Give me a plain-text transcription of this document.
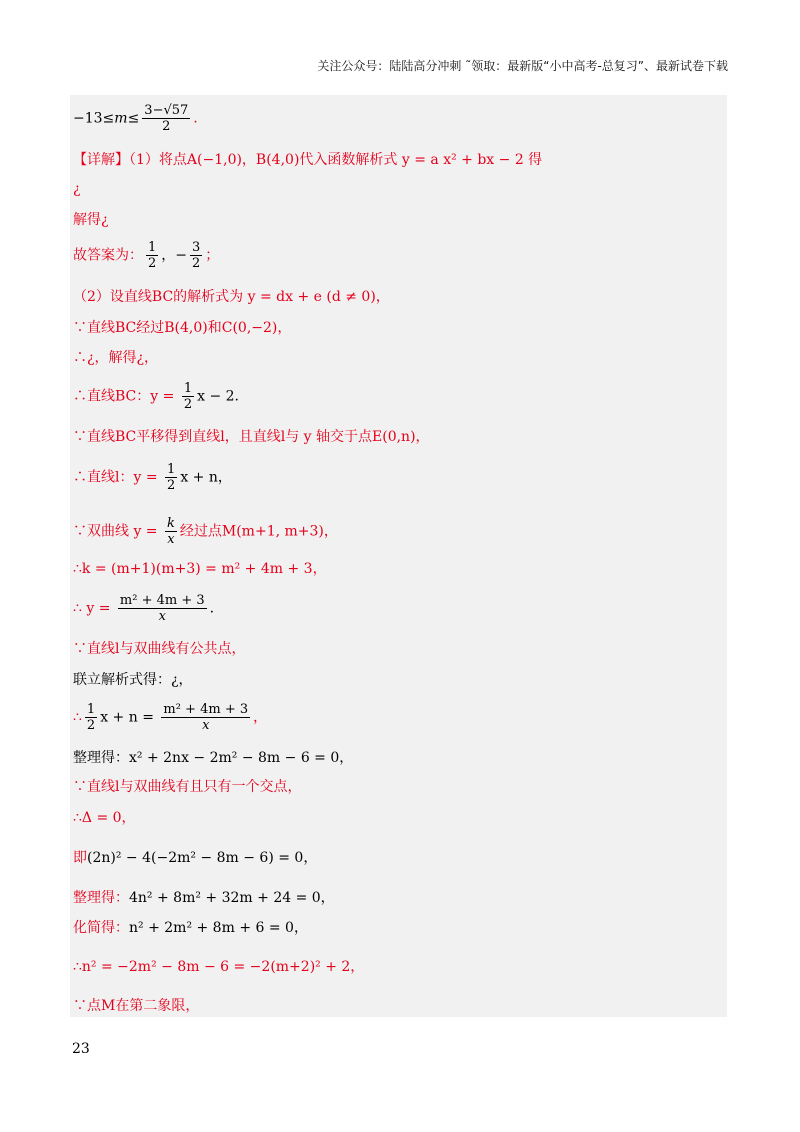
关注公众号：陆陆高分冲刺 ˜领取：最新版“小中高考-总复习”、最新试卷下载
$-13\le m\le \frac{3-√57}{2}$ .
【详解】（1）将点A(−1,0)，B(4,0)代入函数解析式 y = a x² + bx − 2 得
¿
解得¿
故答案为： $\frac{1}{2}$ ，− $\frac{3}{2}$ ；
（2）设直线BC的解析式为 y = dx + e (d ≠ 0)，
∵直线BC经过B(4,0)和C(0,−2)，
∴¿，解得¿，
∴直线BC：$y = \frac{1}{2}$ x − 2.
∵直线BC平移得到直线l，且直线l与 y 轴交于点E(0,n)，
∴直线l：$y = \frac{1}{2}$ x + n，
∵双曲线 $y = \frac{k}{x}$ 经过点M(m+1, m+3)，
∴k = (m+1)(m+3) = m² + 4m + 3，
∴ $y = \frac{\text{m² + 4m + 3}}{x}$ .
∵直线l与双曲线有公共点，
联立解析式得：¿，
∴ $\frac{1}{2}$ $x + n = \frac{\text{m² + 4m + 3}}{x}$ ，
整理得：x² + 2nx − 2m² − 8m − 6 = 0，
∵直线l与双曲线有且只有一个交点，
∴Δ = 0，
即(2n)² − 4(−2m² − 8m − 6) = 0，
整理得：4n² + 8m² + 32m + 24 = 0，
化简得：n² + 2m² + 8m + 6 = 0，
∴n² = −2m² − 8m − 6 = −2(m+2)² + 2，
∵点M在第二象限，
23
